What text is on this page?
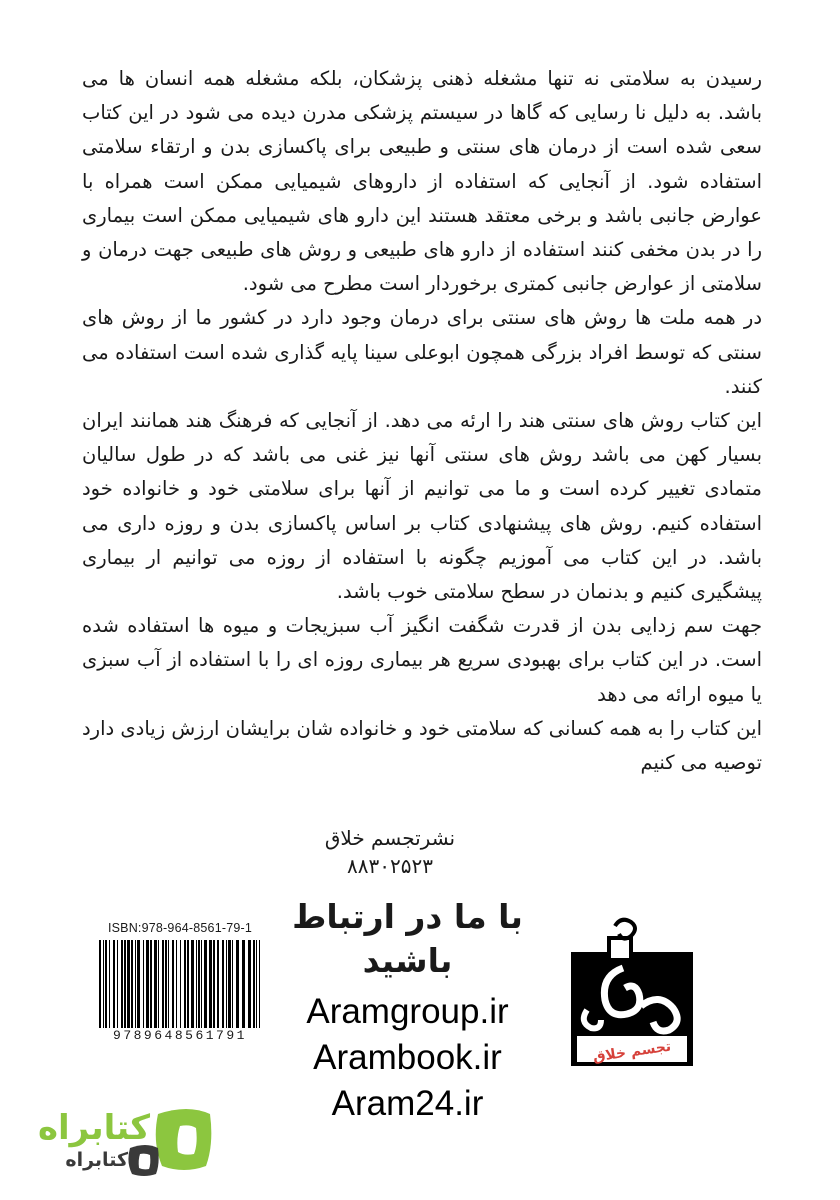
رسیدن به سلامتی نه تنها مشغله ذهنی پزشکان، بلکه مشغله همه انسان ها می باشد. به دلیل نا رسایی که گاها در سیستم پزشکی مدرن دیده می شود در این کتاب سعی شده است از درمان های سنتی و طبیعی برای پاکسازی بدن و ارتقاء سلامتی استفاده شود. از آنجایی که استفاده از داروهای شیمیایی ممکن است همراه با عوارض جانبی باشد و برخی معتقد هستند این دارو های شیمیایی ممکن است بیماری را در بدن مخفی کنند استفاده از دارو های طبیعی و روش های طبیعی جهت درمان و سلامتی از عوارض جانبی کمتری برخوردار است مطرح می شود.

در همه ملت ها روش های سنتی برای درمان وجود دارد در کشور ما از روش های سنتی که توسط افراد بزرگی همچون ابوعلی سینا پایه گذاری شده است استفاده می کنند.

این کتاب روش های سنتی هند را ارئه می دهد. از آنجایی که فرهنگ هند همانند ایران بسیار کهن می باشد روش های سنتی آنها نیز غنی می باشد که در طول سالیان متمادی تغییر کرده است و ما می توانیم از آنها برای سلامتی خود و خانواده خود استفاده کنیم. روش های پیشنهادی کتاب بر اساس پاکسازی بدن و روزه داری می باشد. در این کتاب می آموزیم چگونه با استفاده از روزه می توانیم ار بیماری پیشگیری کنیم و بدنمان در سطح سلامتی خوب باشد.

جهت سم زدایی بدن از قدرت شگفت انگیز آب سبزیجات و میوه ها استفاده شده است. در این کتاب برای بهبودی سریع هر بیماری روزه ای را با استفاده از آب سبزی یا میوه ارائه می دهد

این کتاب را به همه کسانی که سلامتی خود و خانواده شان برایشان ارزش زیادی دارد توصیه می کنیم

نشرتجسم خلاق
۸۸۳۰۲۵۲۳
با ما در ارتباط باشید
Aramgroup.ir
Arambook.ir
Aram24.ir
ISBN:978-964-8561-79-1
9789648561791
تجسم خلاق
کتابراه
کتابراه
